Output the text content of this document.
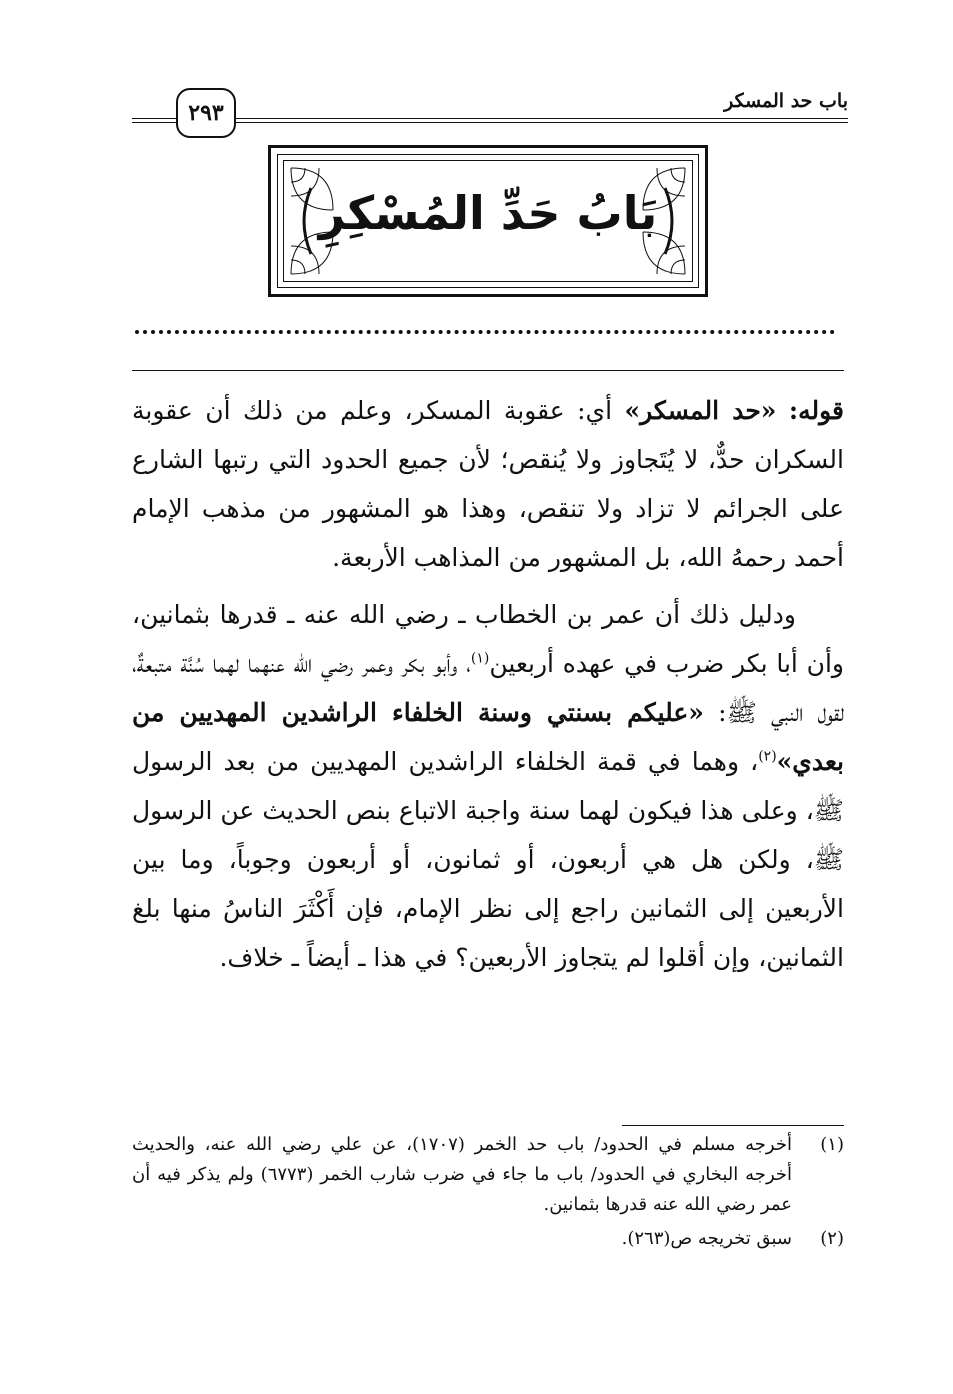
باب حد المسكر
٢٩٣
بَابُ حَدِّ المُسْكِرِ

قوله: «حد المسكر» أي: عقوبة المسكر، وعلم من ذلك أن عقوبة السكران حدٌّ، لا يُتَجاوز ولا يُنقص؛ لأن جميع الحدود التي رتبها الشارع على الجرائم لا تزاد ولا تنقص، وهذا هو المشهور من مذهب الإمام أحمد رحمهُ الله، بل المشهور من المذاهب الأربعة.

ودليل ذلك أن عمر بن الخطاب ـ رضي الله عنه ـ قدرها بثمانين، وأن أبا بكر ضرب في عهده أربعين$^{(١)}$، وأبو بكر وعمر رضي الله عنهما لهما سُنَّة متبعةٌ، لقول النبي ﷺ: «عليكم بسنتي وسنة الخلفاء الراشدين المهديين من بعدي»$^{(٢)}$، وهما في قمة الخلفاء الراشدين المهديين من بعد الرسول ﷺ، وعلى هذا فيكون لهما سنة واجبة الاتباع بنص الحديث عن الرسول ﷺ، ولكن هل هي أربعون، أو ثمانون، أو أربعون وجوباً، وما بين الأربعين إلى الثمانين راجع إلى نظر الإمام، فإن أَكْثَرَ الناسُ منها بلغ الثمانين، وإن أقلوا لم يتجاوز الأربعين؟ في هذا ـ أيضاً ـ خلاف.

(١)
أخرجه مسلم في الحدود/ باب حد الخمر (١٧٠٧)، عن علي رضي الله عنه، والحديث أخرجه البخاري في الحدود/ باب ما جاء في ضرب شارب الخمر (٦٧٧٣) ولم يذكر فيه أن عمر رضي الله عنه قدرها بثمانين.
(٢)
سبق تخريجه ص(٢٦٣).
